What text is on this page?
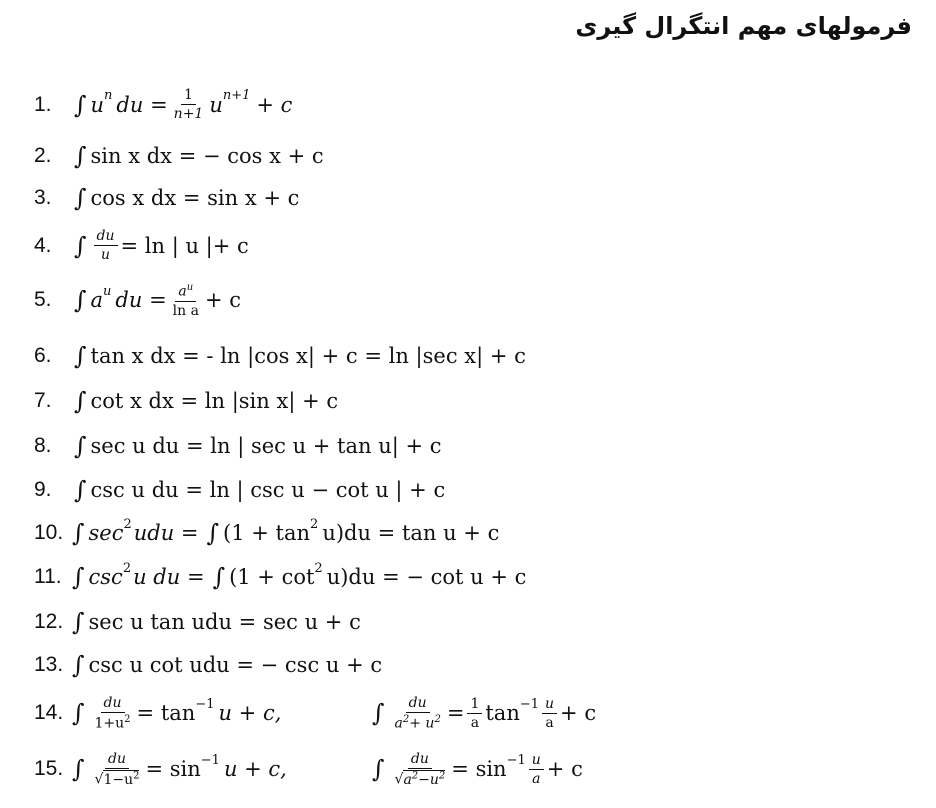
فرمولهای مهم انتگرال گیری
1. ∫ u n du = $\frac{1}{n+1}$ u n+1 + c
2. ∫ sin x dx = − cos x + c
3. ∫ cos x dx = sin x + c
4. ∫ $\frac{du}{u} = \ln$ | u |+ c
5. ∫ a u du = $\frac{a^u}{\text{ln a}} + c$
6. ∫ tan x dx = - ln |cos x| + c = ln |sec x| + c
7. ∫ cot x dx = ln |sin x| + c
8. ∫ sec u du = ln | sec u + tan u| + c
9. ∫ csc u du = ln | csc u − cot u | + c
10. ∫ sec 2 udu = ∫ (1 + tan 2 u)du = tan u + c
11. ∫ csc 2 u du = ∫ (1 + cot 2 u)du = − cot u + c
12. ∫ sec u tan udu = sec u + c
13. ∫ csc u cot udu = − csc u + c
14. ∫ $\frac{du}{1+u^2} = \tan -1$ u + c,	∫ $\frac{du}{a^2+ u^2} = \frac{1}{a}$ $\tan -1 \frac{u}{a} + c$
15. ∫ $\frac{du}{√1-u^2} = \sin -1$ u + c,	∫ $\frac{du}{√a^2-u^2} = \sin -1 \frac{u}{a} + c$
